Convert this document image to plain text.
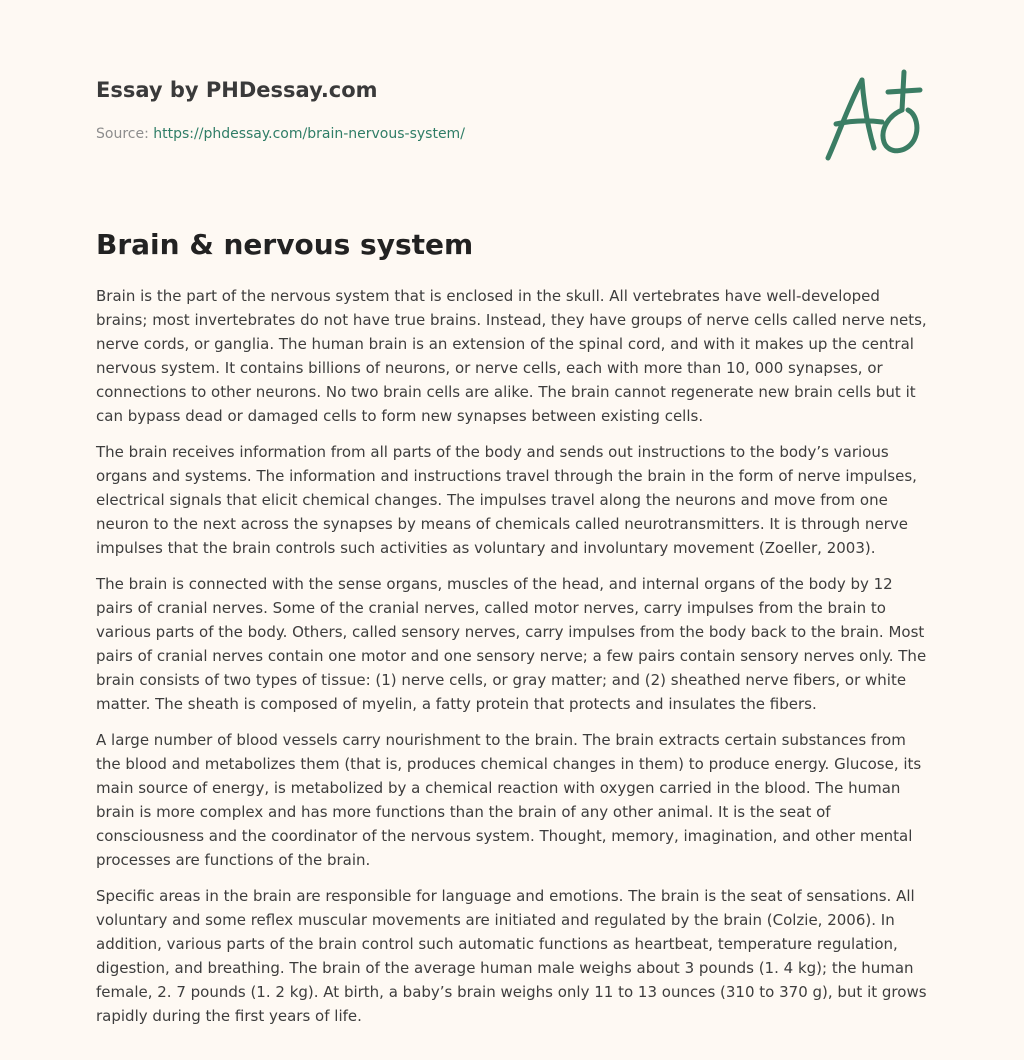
Essay by PHDessay.com
Source: https://phdessay.com/brain-nervous-system/
Brain & nervous system

Brain is the part of the nervous system that is enclosed in the skull. All vertebrates have well-developed brains; most invertebrates do not have true brains. Instead, they have groups of nerve cells called nerve nets, nerve cords, or ganglia. The human brain is an extension of the spinal cord, and with it makes up the central nervous system. It contains billions of neurons, or nerve cells, each with more than 10, 000 synapses, or connections to other neurons. No two brain cells are alike. The brain cannot regenerate new brain cells but it can bypass dead or damaged cells to form new synapses between existing cells.

The brain receives information from all parts of the body and sends out instructions to the body’s various organs and systems. The information and instructions travel through the brain in the form of nerve impulses, electrical signals that elicit chemical changes. The impulses travel along the neurons and move from one neuron to the next across the synapses by means of chemicals called neurotransmitters. It is through nerve impulses that the brain controls such activities as voluntary and involuntary movement (Zoeller, 2003).

The brain is connected with the sense organs, muscles of the head, and internal organs of the body by 12 pairs of cranial nerves. Some of the cranial nerves, called motor nerves, carry impulses from the brain to various parts of the body. Others, called sensory nerves, carry impulses from the body back to the brain. Most pairs of cranial nerves contain one motor and one sensory nerve; a few pairs contain sensory nerves only. The brain consists of two types of tissue: (1) nerve cells, or gray matter; and (2) sheathed nerve fibers, or white matter. The sheath is composed of myelin, a fatty protein that protects and insulates the fibers.

A large number of blood vessels carry nourishment to the brain. The brain extracts certain substances from the blood and metabolizes them (that is, produces chemical changes in them) to produce energy. Glucose, its main source of energy, is metabolized by a chemical reaction with oxygen carried in the blood. The human brain is more complex and has more functions than the brain of any other animal. It is the seat of consciousness and the coordinator of the nervous system. Thought, memory, imagination, and other mental processes are functions of the brain.

Specific areas in the brain are responsible for language and emotions. The brain is the seat of sensations. All voluntary and some reflex muscular movements are initiated and regulated by the brain (Colzie, 2006). In addition, various parts of the brain control such automatic functions as heartbeat, temperature regulation, digestion, and breathing. The brain of the average human male weighs about 3 pounds (1. 4 kg); the human female, 2. 7 pounds (1. 2 kg). At birth, a baby’s brain weighs only 11 to 13 ounces (310 to 370 g), but it grows rapidly during the first years of life.
